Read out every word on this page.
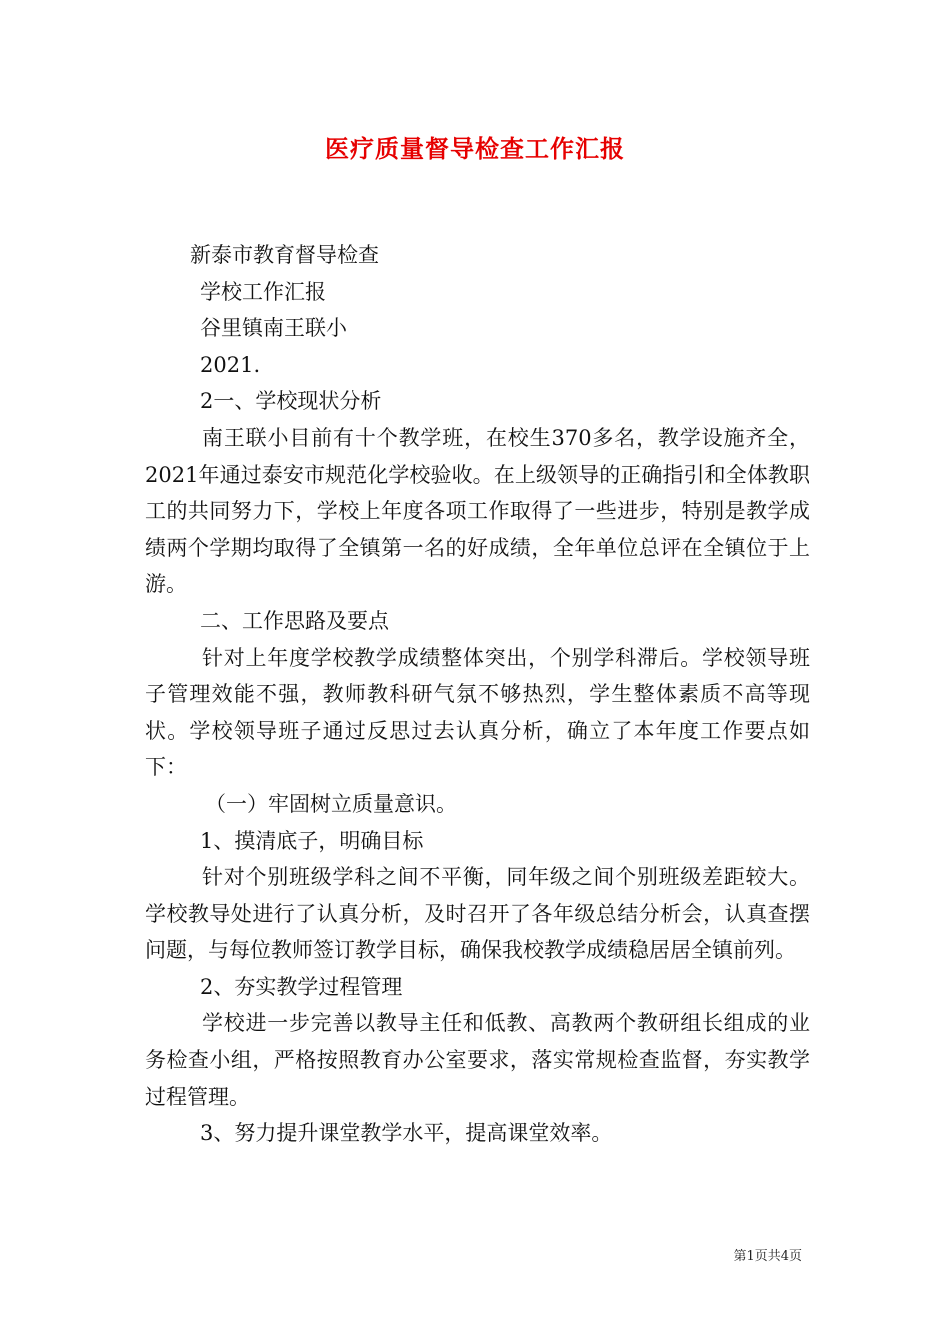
医疗质量督导检查工作汇报

新泰市教育督导检查

学校工作汇报

谷里镇南王联小

2021.

2一、学校现状分析

南王联小目前有十个教学班，在校生370多名，教学设施齐全，2021年通过泰安市规范化学校验收。在上级领导的正确指引和全体教职工的共同努力下，学校上年度各项工作取得了一些进步，特别是教学成绩两个学期均取得了全镇第一名的好成绩，全年单位总评在全镇位于上游。

二、工作思路及要点

针对上年度学校教学成绩整体突出，个别学科滞后。学校领导班子管理效能不强，教师教科研气氛不够热烈，学生整体素质不高等现状。学校领导班子通过反思过去认真分析，确立了本年度工作要点如下：

（一）牢固树立质量意识。

1、摸清底子，明确目标

针对个别班级学科之间不平衡，同年级之间个别班级差距较大。学校教导处进行了认真分析，及时召开了各年级总结分析会，认真查摆问题，与每位教师签订教学目标，确保我校教学成绩稳居居全镇前列。

2、夯实教学过程管理

学校进一步完善以教导主任和低教、高教两个教研组长组成的业务检查小组，严格按照教育办公室要求，落实常规检查监督，夯实教学过程管理。

3、努力提升课堂教学水平，提高课堂效率。

第1页共4页
